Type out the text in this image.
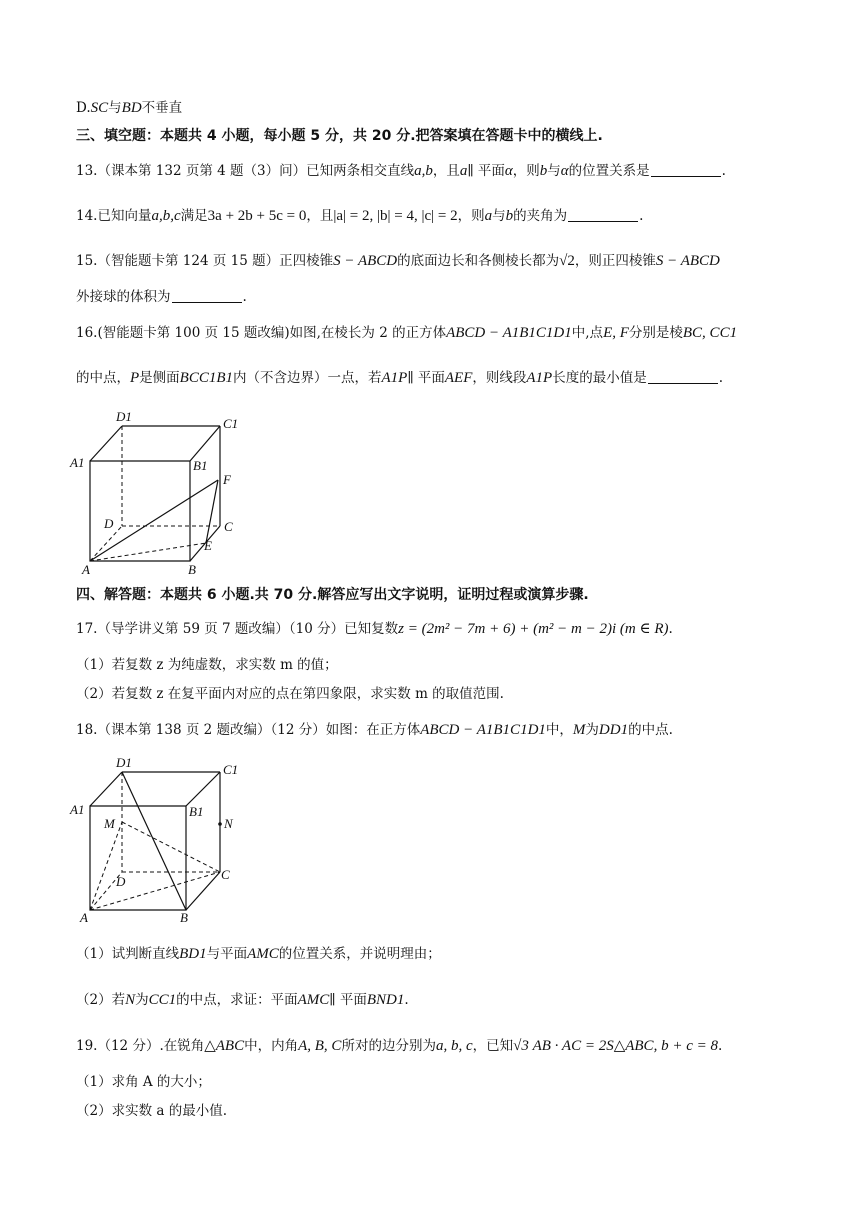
D.SC与BD不垂直
三、填空题：本题共 4 小题，每小题 5 分，共 20 分.把答案填在答题卡中的横线上.
13.（课本第 132 页第 4 题（3）问）已知两条相交直线a,b，且a∥ 平面α，则b与α的位置关系是	.
14.已知向量a,b,c满足3a + 2b + 5c = 0，且|a| = 2, |b| = 4, |c| = 2，则a与b的夹角为	.
15.（智能题卡第 124 页 15 题）正四棱锥S − ABCD的底面边长和各侧棱长都为√2，则正四棱锥S − ABCD
外接球的体积为	.
16.(智能题卡第 100 页 15 题改编)如图,在棱长为 2 的正方体ABCD − A1B1C1D1中,点E, F分别是棱BC, CC1
的中点，P是侧面BCC1B1内（不含边界）一点，若A1P∥ 平面AEF，则线段A1P长度的最小值是	.
D1	C1
A1	B1
F
D	C
E
A	B
四、解答题：本题共 6 小题.共 70 分.解答应写出文字说明，证明过程或演算步骤.
17.（导学讲义第 59 页 7 题改编）（10 分）已知复数z = (2m² − 7m + 6) + (m² − m − 2)i (m ∈ R).
（1）若复数 z 为纯虚数，求实数 m 的值；
（2）若复数 z 在复平面内对应的点在第四象限，求实数 m 的取值范围.
18.（课本第 138 页 2 题改编）（12 分）如图：在正方体ABCD − A1B1C1D1中，M为DD1的中点.
D1	C1
A1	B1
M	N
D	C
A	B
（1）试判断直线BD1与平面AMC的位置关系，并说明理由；
（2）若N为CC1的中点，求证：平面AMC∥ 平面BND1.
19.（12 分）.在锐角△ABC中，内角A, B, C所对的边分别为a, b, c，已知√3 AB · AC = 2S△ABC, b + c = 8.
（1）求角 A 的大小；
（2）求实数 a 的最小值.
